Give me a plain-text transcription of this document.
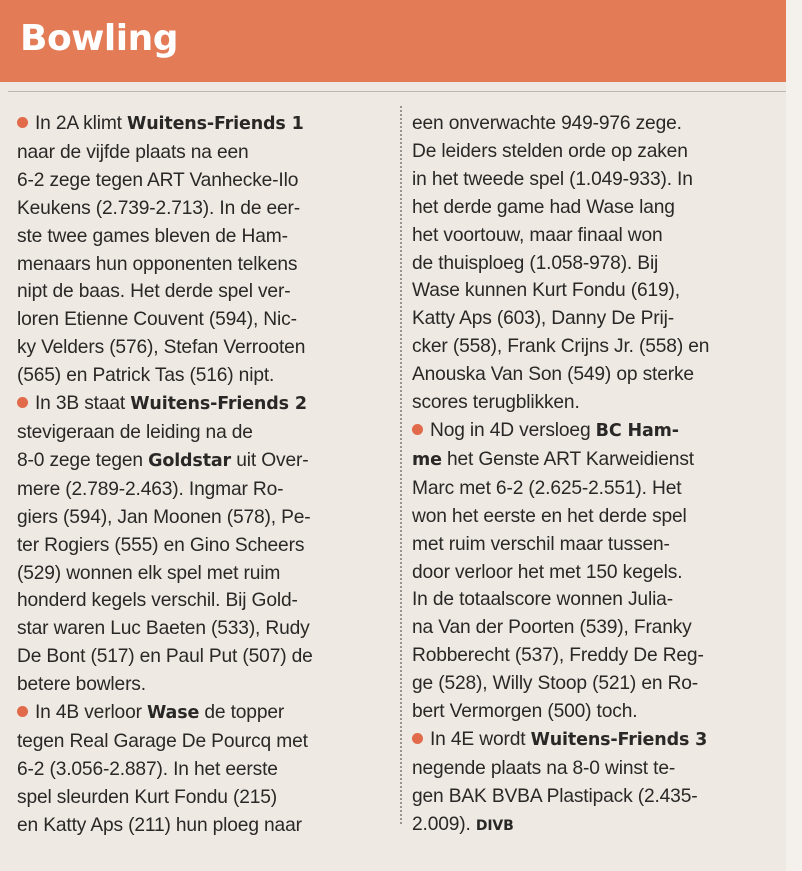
Bowling
In 2A klimt Wuitens-Friends 1
naar de vijfde plaats na een
6-2 zege tegen ART Vanhecke-Ilo
Keukens (2.739-2.713). In de eer-
ste twee games bleven de Ham-
menaars hun opponenten telkens
nipt de baas. Het derde spel ver-
loren Etienne Couvent (594), Nic-
ky Velders (576), Stefan Verrooten
(565) en Patrick Tas (516) nipt.
In 3B staat Wuitens-Friends 2
stevigeraan de leiding na de
8-0 zege tegen Goldstar uit Over-
mere (2.789-2.463). Ingmar Ro-
giers (594), Jan Moonen (578), Pe-
ter Rogiers (555) en Gino Scheers
(529) wonnen elk spel met ruim
honderd kegels verschil. Bij Gold-
star waren Luc Baeten (533), Rudy
De Bont (517) en Paul Put (507) de
betere bowlers.
In 4B verloor Wase de topper
tegen Real Garage De Pourcq met
6-2 (3.056-2.887). In het eerste
spel sleurden Kurt Fondu (215)
en Katty Aps (211) hun ploeg naar
een onverwachte 949-976 zege.
De leiders stelden orde op zaken
in het tweede spel (1.049-933). In
het derde game had Wase lang
het voortouw, maar finaal won
de thuisploeg (1.058-978). Bij
Wase kunnen Kurt Fondu (619),
Katty Aps (603), Danny De Prij-
cker (558), Frank Crijns Jr. (558) en
Anouska Van Son (549) op sterke
scores terugblikken.
Nog in 4D versloeg BC Ham-
me het Genste ART Karweidienst
Marc met 6-2 (2.625-2.551). Het
won het eerste en het derde spel
met ruim verschil maar tussen-
door verloor het met 150 kegels.
In de totaalscore wonnen Julia-
na Van der Poorten (539), Franky
Robberecht (537), Freddy De Reg-
ge (528), Willy Stoop (521) en Ro-
bert Vermorgen (500) toch.
In 4E wordt Wuitens-Friends 3
negende plaats na 8-0 winst te-
gen BAK BVBA Plastipack (2.435-
2.009). DIVB
